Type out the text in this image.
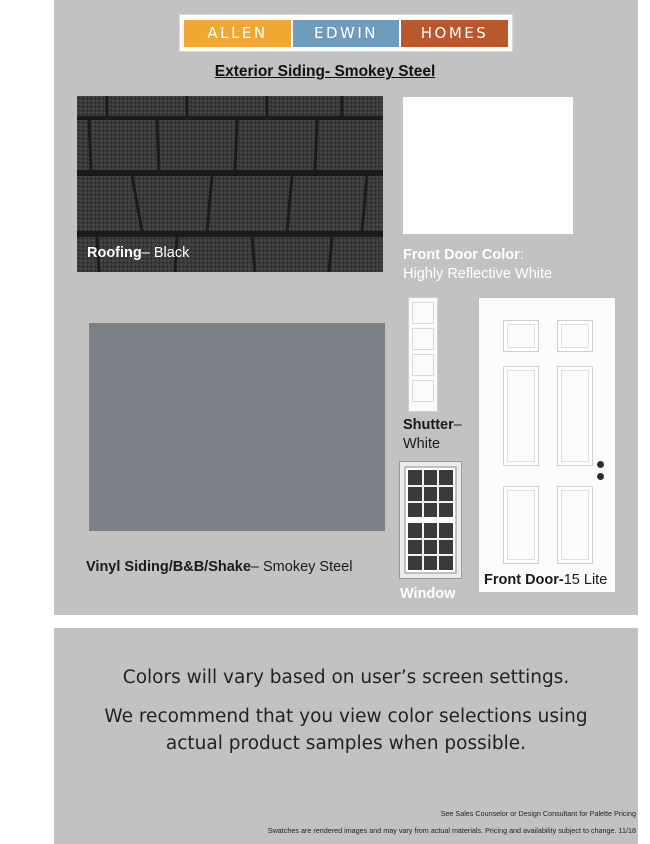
ALLEN	EDWIN	HOMES
Exterior Siding- Smokey Steel
Roofing– Black	Front Door Color:
Highly Reflective White
Vinyl Siding/B&B/Shake– Smokey Steel
Shutter–
White
Window
Front Door-15 Lite
Colors will vary based on user’s screen settings.
We recommend that you view color selections using
actual product samples when possible.
See Sales Counselor or Design Consultant for Palette Pricing
Swatches are rendered images and may vary from actual materials. Pricing and availability subject to change. 11/18
